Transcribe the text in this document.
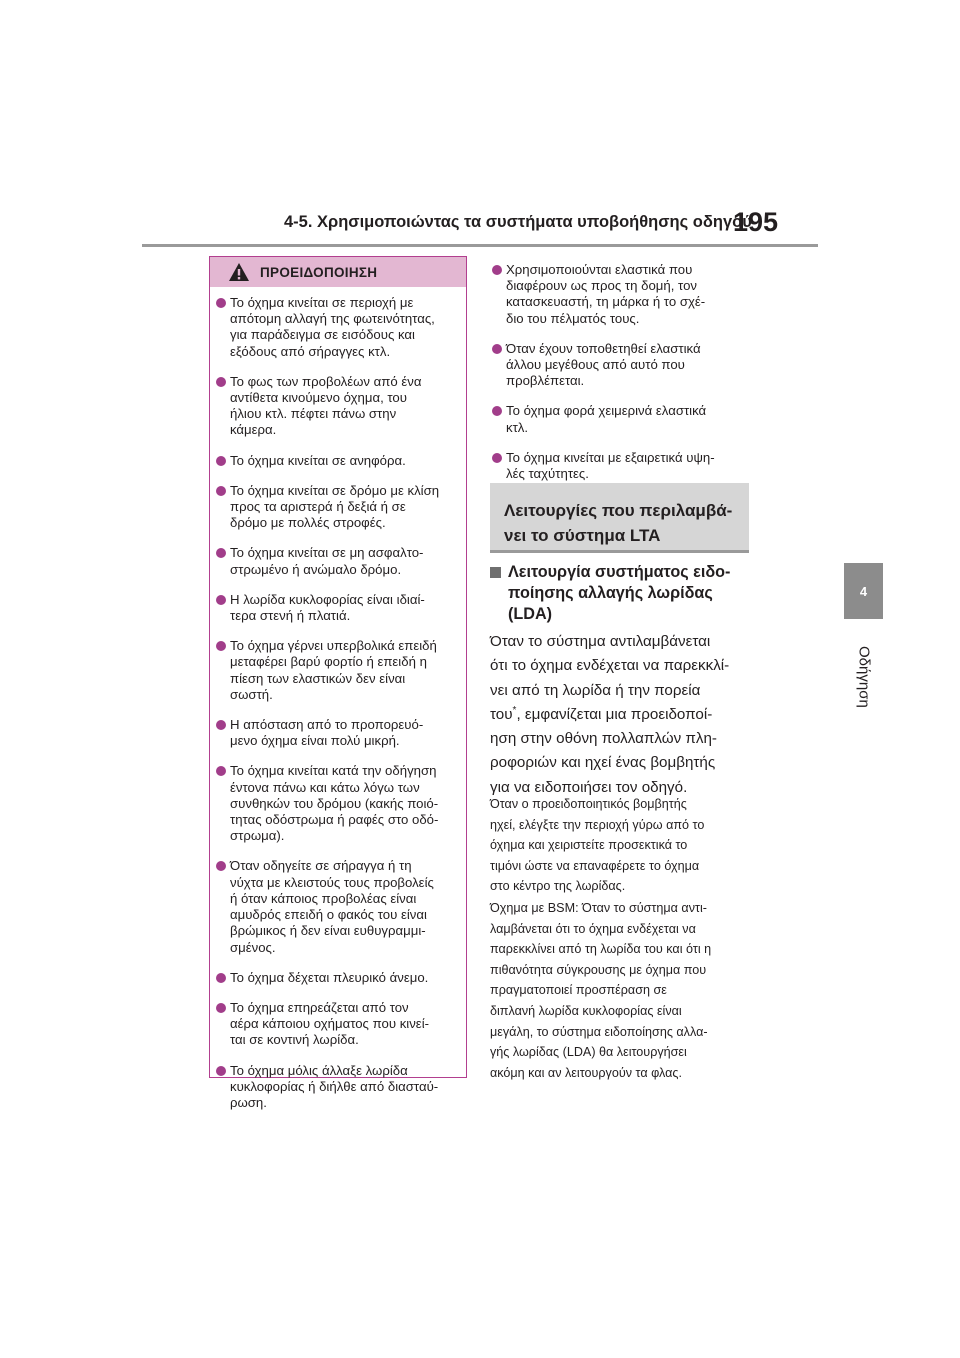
4-5. Χρησιμοποιώντας τα συστήματα υποβοήθησης οδηγού
195
4
Οδήγηση
ΠΡΟΕΙΔΟΠΟΙΗΣΗ
Το όχημα κινείται σε περιοχή με
απότομη αλλαγή της φωτεινότητας,
για παράδειγμα σε εισόδους και
εξόδους από σήραγγες κτλ.
Το φως των προβολέων από ένα
αντίθετα κινούμενο όχημα, του
ήλιου κτλ. πέφτει πάνω στην
κάμερα.
Το όχημα κινείται σε ανηφόρα.
Το όχημα κινείται σε δρόμο με κλίση
προς τα αριστερά ή δεξιά ή σε
δρόμο με πολλές στροφές.
Το όχημα κινείται σε μη ασφαλτο-
στρωμένο ή ανώμαλο δρόμο.
Η λωρίδα κυκλοφορίας είναι ιδιαί-
τερα στενή ή πλατιά.
Το όχημα γέρνει υπερβολικά επειδή
μεταφέρει βαρύ φορτίο ή επειδή η
πίεση των ελαστικών δεν είναι
σωστή.
Η απόσταση από το προπορευό-
μενο όχημα είναι πολύ μικρή.
Το όχημα κινείται κατά την οδήγηση
έντονα πάνω και κάτω λόγω των
συνθηκών του δρόμου (κακής ποιό-
τητας οδόστρωμα ή ραφές στο οδό-
στρωμα).
Όταν οδηγείτε σε σήραγγα ή τη
νύχτα με κλειστούς τους προβολείς
ή όταν κάποιος προβολέας είναι
αμυδρός επειδή ο φακός του είναι
βρώμικος ή δεν είναι ευθυγραμμι-
σμένος.
Το όχημα δέχεται πλευρικό άνεμο.
Το όχημα επηρεάζεται από τον
αέρα κάποιου οχήματος που κινεί-
ται σε κοντινή λωρίδα.
Το όχημα μόλις άλλαξε λωρίδα
κυκλοφορίας ή διήλθε από διασταύ-
ρωση.
Χρησιμοποιούνται ελαστικά που
διαφέρουν ως προς τη δομή, τον
κατασκευαστή, τη μάρκα ή το σχέ-
διο του πέλματός τους.
Όταν έχουν τοποθετηθεί ελαστικά
άλλου μεγέθους από αυτό που
προβλέπεται.
Το όχημα φορά χειμερινά ελαστικά
κτλ.
Το όχημα κινείται με εξαιρετικά υψη-
λές ταχύτητες.
Λειτουργίες που περιλαμβά-
νει το σύστημα LTA
Λειτουργία συστήματος ειδο-
ποίησης αλλαγής λωρίδας
(LDA)
Όταν το σύστημα αντιλαμβάνεται
ότι το όχημα ενδέχεται να παρεκκλί-
νει από τη λωρίδα ή την πορεία
του*, εμφανίζεται μια προειδοποί-
ηση στην οθόνη πολλαπλών πλη-
ροφοριών και ηχεί ένας βομβητής
για να ειδοποιήσει τον οδηγό.
Όταν ο προειδοποιητικός βομβητής
ηχεί, ελέγξτε την περιοχή γύρω από το
όχημα και χειριστείτε προσεκτικά το
τιμόνι ώστε να επαναφέρετε το όχημα
στο κέντρο της λωρίδας.
Όχημα με BSM: Όταν το σύστημα αντι-
λαμβάνεται ότι το όχημα ενδέχεται να
παρεκκλίνει από τη λωρίδα του και ότι η
πιθανότητα σύγκρουσης με όχημα που
πραγματοποιεί προσπέραση σε
διπλανή λωρίδα κυκλοφορίας είναι
μεγάλη, το σύστημα ειδοποίησης αλλα-
γής λωρίδας (LDA) θα λειτουργήσει
ακόμη και αν λειτουργούν τα φλας.
